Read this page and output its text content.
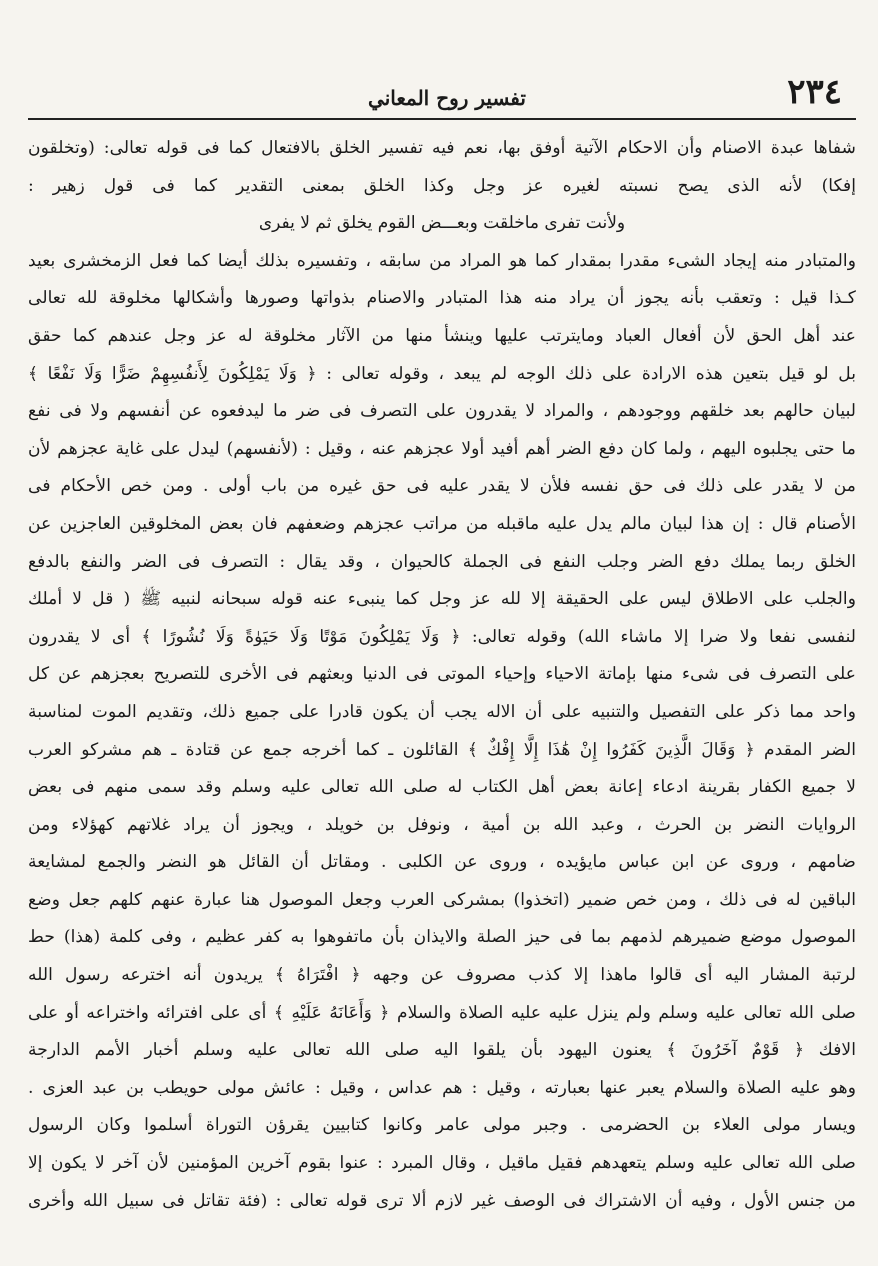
٢٣٤
تفسير روح المعاني
شفاها عبدة الاصنام وأن الاحكام الآتية أوفق بها، نعم فيه تفسير الخلق بالافتعال كما فى قوله تعالى: (وتخلقون
إفكا) لأنه الذى يصح نسبته لغيره عز وجل وكذا الخلق بمعنى التقدير كما فى قول زهير :
ولأنت تفرى ماخلقت وبعـــض القوم يخلق ثم لا يفرى
والمتبادر منه إيجاد الشىء مقدرا بمقدار كما هو المراد من سابقه ، وتفسيره بذلك أيضا كما فعل الزمخشرى بعيد
كـذا قيل : وتعقب بأنه يجوز أن يراد منه هذا المتبادر والاصنام بذواتها وصورها وأشكالها مخلوقة لله تعالى
عند أهل الحق لأن أفعال العباد ومايترتب عليها وينشأ منها من الآثار مخلوقة له عز وجل عندهم كما حقق
بل لو قيل بتعين هذه الارادة على ذلك الوجه لم يبعد ، وقوله تعالى : ﴿ وَلَا يَمْلِكُونَ لِأَنفُسِهِمْ ضَرًّا وَلَا نَفْعًا ﴾
لبيان حالهم بعد خلقهم ووجودهم ، والمراد لا يقدرون على التصرف فى ضر ما ليدفعوه عن أنفسهم ولا فى نفع
ما حتى يجلبوه اليهم ، ولما كان دفع الضر أهم أفيد أولا عجزهم عنه ، وقيل : (لأنفسهم) ليدل على غاية عجزهم لأن
من لا يقدر على ذلك فى حق نفسه فلأن لا يقدر عليه فى حق غيره من باب أولى . ومن خص الأحكام فى
الأصنام قال : إن هذا لبيان مالم يدل عليه ماقبله من مراتب عجزهم وضعفهم فان بعض المخلوقين العاجزين عن
الخلق ربما يملك دفع الضر وجلب النفع فى الجملة كالحيوان ، وقد يقال : التصرف فى الضر والنفع بالدفع
والجلب على الاطلاق ليس على الحقيقة إلا لله عز وجل كما ينبىء عنه قوله سبحانه لنبيه ﷺ ( قل لا أملك
لنفسى نفعا ولا ضرا إلا ماشاء الله) وقوله تعالى: ﴿ وَلَا يَمْلِكُونَ مَوْتًا وَلَا حَيَوٰةً وَلَا نُشُورًا ﴾ أى لا يقدرون
على التصرف فى شىء منها بإماتة الاحياء وإحياء الموتى فى الدنيا وبعثهم فى الأخرى للتصريح بعجزهم عن كل
واحد مما ذكر على التفصيل والتنبيه على أن الاله يجب أن يكون قادرا على جميع ذلك، وتقديم الموت لمناسبة
الضر المقدم ﴿ وَقَالَ الَّذِينَ كَفَرُوا إِنْ هَٰذَا إِلَّا إِفْكٌ ﴾ القائلون ـ كما أخرجه جمع عن قتادة ـ هم مشركو العرب
لا جميع الكفار بقرينة ادعاء إعانة بعض أهل الكتاب له صلى الله تعالى عليه وسلم وقد سمى منهم فى بعض
الروايات النضر بن الحرث ، وعبد الله بن أمية ، ونوفل بن خويلد ، ويجوز أن يراد غلاتهم كهؤلاء ومن
ضامهم ، وروى عن ابن عباس مايؤيده ، وروى عن الكلبى . ومقاتل أن القائل هو النضر والجمع لمشايعة
الباقين له فى ذلك ، ومن خص ضمير (اتخذوا) بمشركى العرب وجعل الموصول هنا عبارة عنهم كلهم جعل وضع
الموصول موضع ضميرهم لذمهم بما فى حيز الصلة والايذان بأن ماتفوهوا به كفر عظيم ، وفى كلمة (هذا) حط
لرتبة المشار اليه أى قالوا ماهذا إلا كذب مصروف عن وجهه ﴿ افْتَرَاهُ ﴾ يريدون أنه اخترعه رسول الله
صلى الله تعالى عليه وسلم ولم ينزل عليه عليه الصلاة والسلام ﴿ وَأَعَانَهُ عَلَيْهِ ﴾ أى على افترائه واختراعه أو على
الافك ﴿ قَوْمٌ آخَرُونَ ﴾ يعنون اليهود بأن يلقوا اليه صلى الله تعالى عليه وسلم أخبار الأمم الدارجة
وهو عليه الصلاة والسلام يعبر عنها بعبارته ، وقيل : هم عداس ، وقيل : عائش مولى حويطب بن عبد العزى .
ويسار مولى العلاء بن الحضرمى . وجبر مولى عامر وكانوا كتابيين يقرؤن التوراة أسلموا وكان الرسول
صلى الله تعالى عليه وسلم يتعهدهم فقيل ماقيل ، وقال المبرد : عنوا بقوم آخرين المؤمنين لأن آخر لا يكون إلا
من جنس الأول ، وفيه أن الاشتراك فى الوصف غير لازم ألا ترى قوله تعالى : (فئة تقاتل فى سبيل الله وأخرى
